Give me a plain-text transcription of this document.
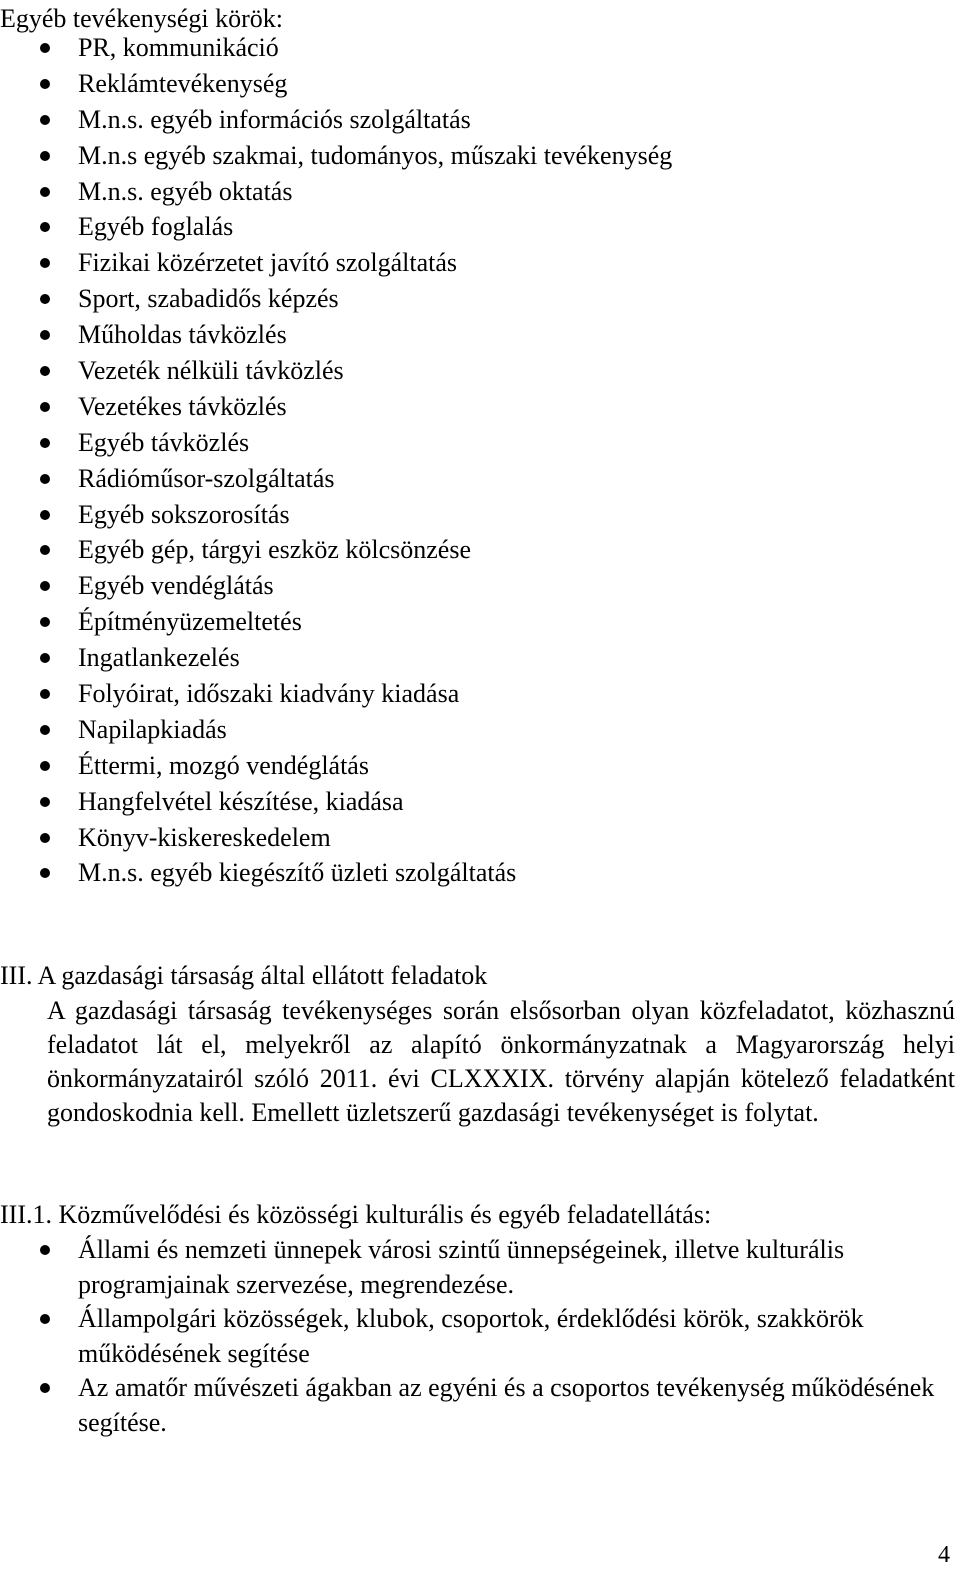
Egyéb tevékenységi körök:
PR, kommunikáció
Reklámtevékenység
M.n.s. egyéb információs szolgáltatás
M.n.s egyéb szakmai, tudományos, műszaki tevékenység
M.n.s. egyéb oktatás
Egyéb foglalás
Fizikai közérzetet javító szolgáltatás
Sport, szabadidős képzés
Műholdas távközlés
Vezeték nélküli távközlés
Vezetékes távközlés
Egyéb távközlés
Rádióműsor-szolgáltatás
Egyéb sokszorosítás
Egyéb gép, tárgyi eszköz kölcsönzése
Egyéb vendéglátás
Építményüzemeltetés
Ingatlankezelés
Folyóirat, időszaki kiadvány kiadása
Napilapkiadás
Éttermi, mozgó vendéglátás
Hangfelvétel készítése, kiadása
Könyv-kiskereskedelem
M.n.s. egyéb kiegészítő üzleti szolgáltatás
III. A gazdasági társaság által ellátott feladatok

A gazdasági társaság tevékenységes során elsősorban olyan közfeladatot, közhasznú feladatot lát el, melyekről az alapító önkormányzatnak a Magyarország helyi önkormányzatairól szóló 2011. évi CLXXXIX. törvény alapján kötelező feladatként gondoskodnia kell. Emellett üzletszerű gazdasági tevékenységet is folytat.

III.1. Közművelődési és közösségi kulturális és egyéb feladatellátás:
Állami és nemzeti ünnepek városi szintű ünnepségeinek, illetve kulturális programjainak szervezése, megrendezése.
Állampolgári közösségek, klubok, csoportok, érdeklődési körök, szakkörök működésének segítése
Az amatőr művészeti ágakban az egyéni és a csoportos tevékenység működésének segítése.
4
